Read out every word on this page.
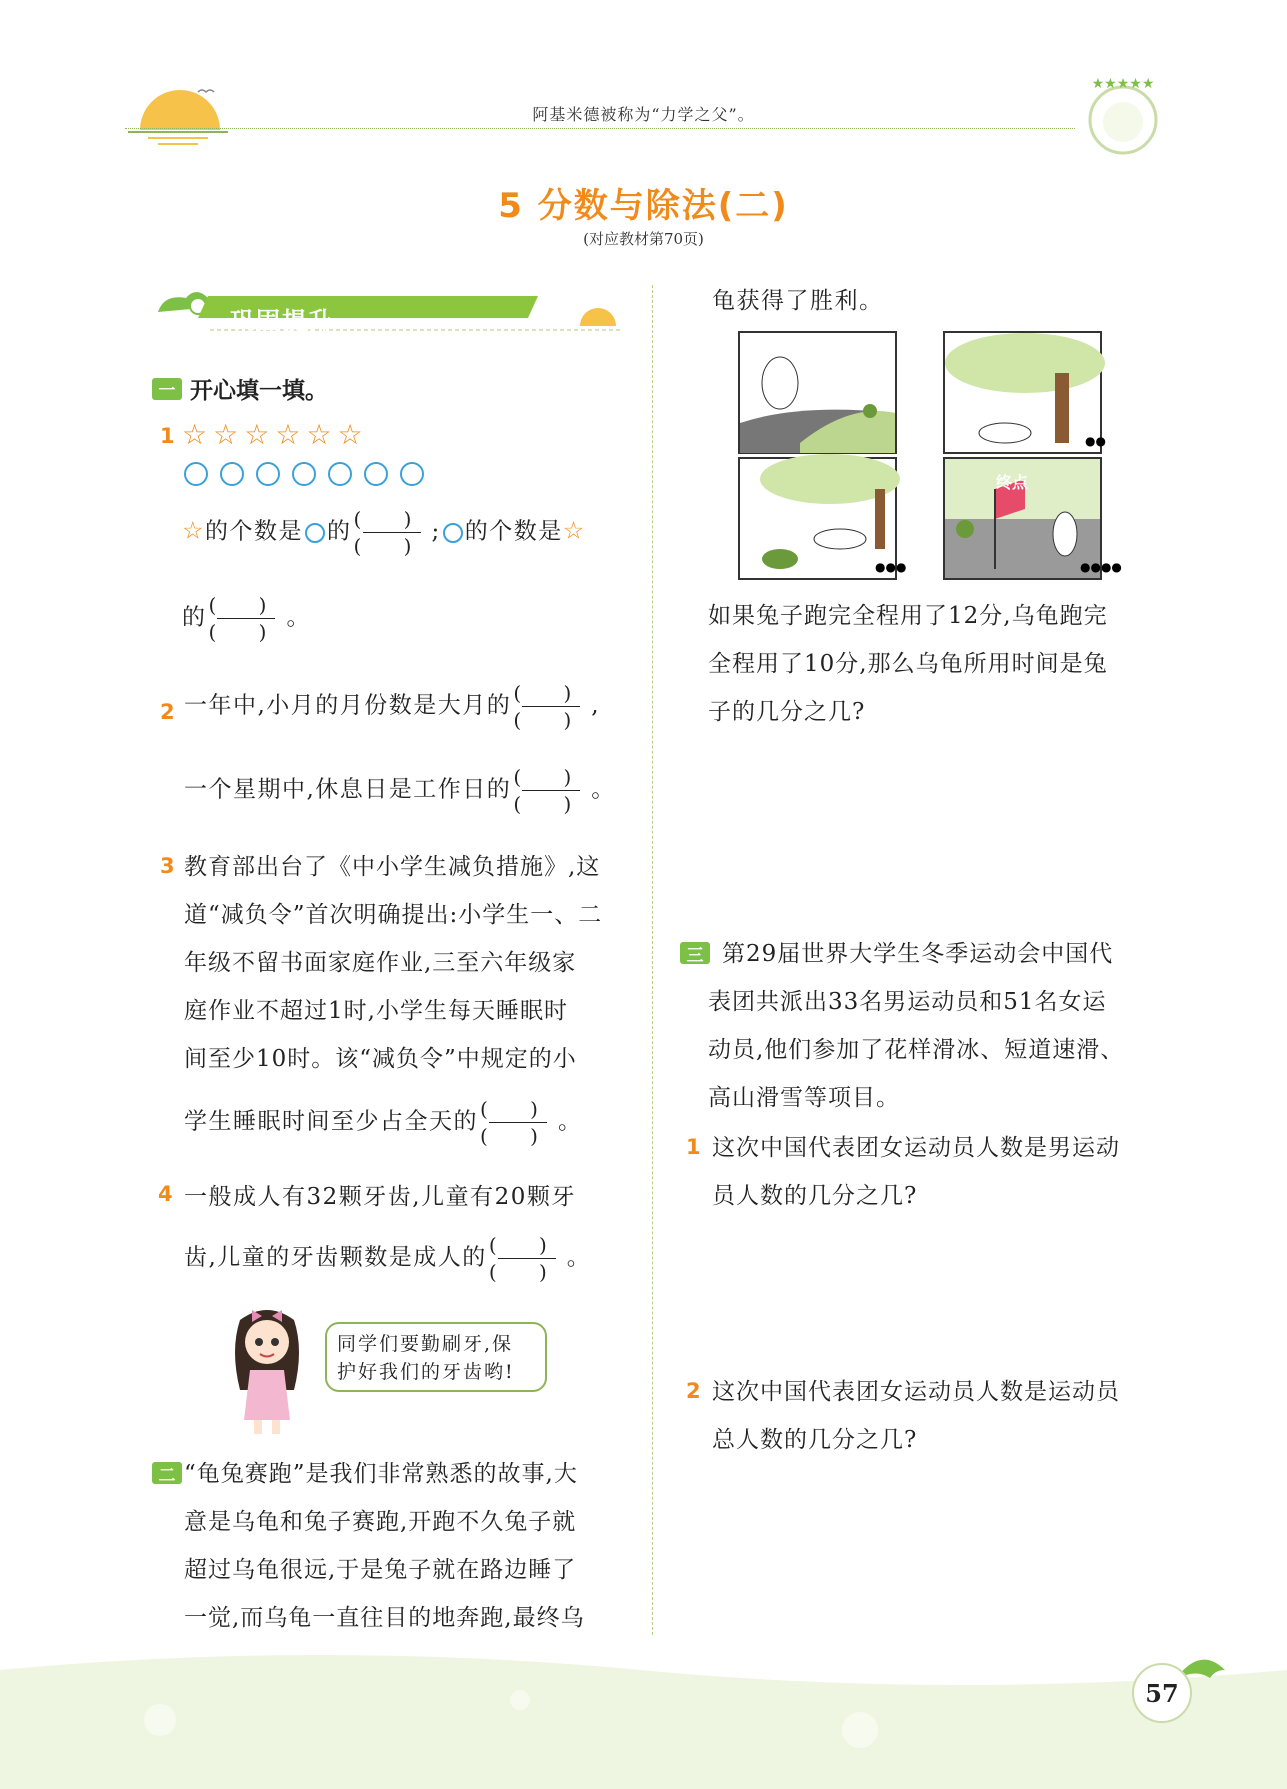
阿基米德被称为“力学之父”。
★★★★★
5 分数与除法(二)
(对应教材第70页)
巩固提升
一 开心填一填。
1 ☆ ☆ ☆ ☆ ☆ ☆
☆的个数是 的 $\frac{( )}{( )}$ ; 的个数是☆
的 $\frac{( )}{( )}$ 。
2 一年中,小月的月份数是大月的 $\frac{( )}{( )}$ ,
一个星期中,休息日是工作日的 $\frac{( )}{( )}$ 。
3 教育部出台了《中小学生减负措施》,这
道“减负令”首次明确提出:小学生一、二
年级不留书面家庭作业,三至六年级家
庭作业不超过1时,小学生每天睡眠时
间至少10时。该“减负令”中规定的小
学生睡眠时间至少占全天的 $\frac{( )}{( )}$ 。
4 一般成人有32颗牙齿,儿童有20颗牙
齿,儿童的牙齿颗数是成人的 $\frac{( )}{( )}$ 。
同学们要勤刷牙,保
护好我们的牙齿哟!
二 “龟兔赛跑”是我们非常熟悉的故事,大
意是乌龟和兔子赛跑,开跑不久兔子就
超过乌龟很远,于是兔子就在路边睡了
一觉,而乌龟一直往目的地奔跑,最终乌
龟获得了胜利。
●●
●●●	●●●●
终点
如果兔子跑完全程用了12分,乌龟跑完
全程用了10分,那么乌龟所用时间是兔
子的几分之几?
三 第29届世界大学生冬季运动会中国代
表团共派出33名男运动员和51名女运
动员,他们参加了花样滑冰、短道速滑、
高山滑雪等项目。
1 这次中国代表团女运动员人数是男运动
员人数的几分之几?
2 这次中国代表团女运动员人数是运动员
总人数的几分之几?
57
